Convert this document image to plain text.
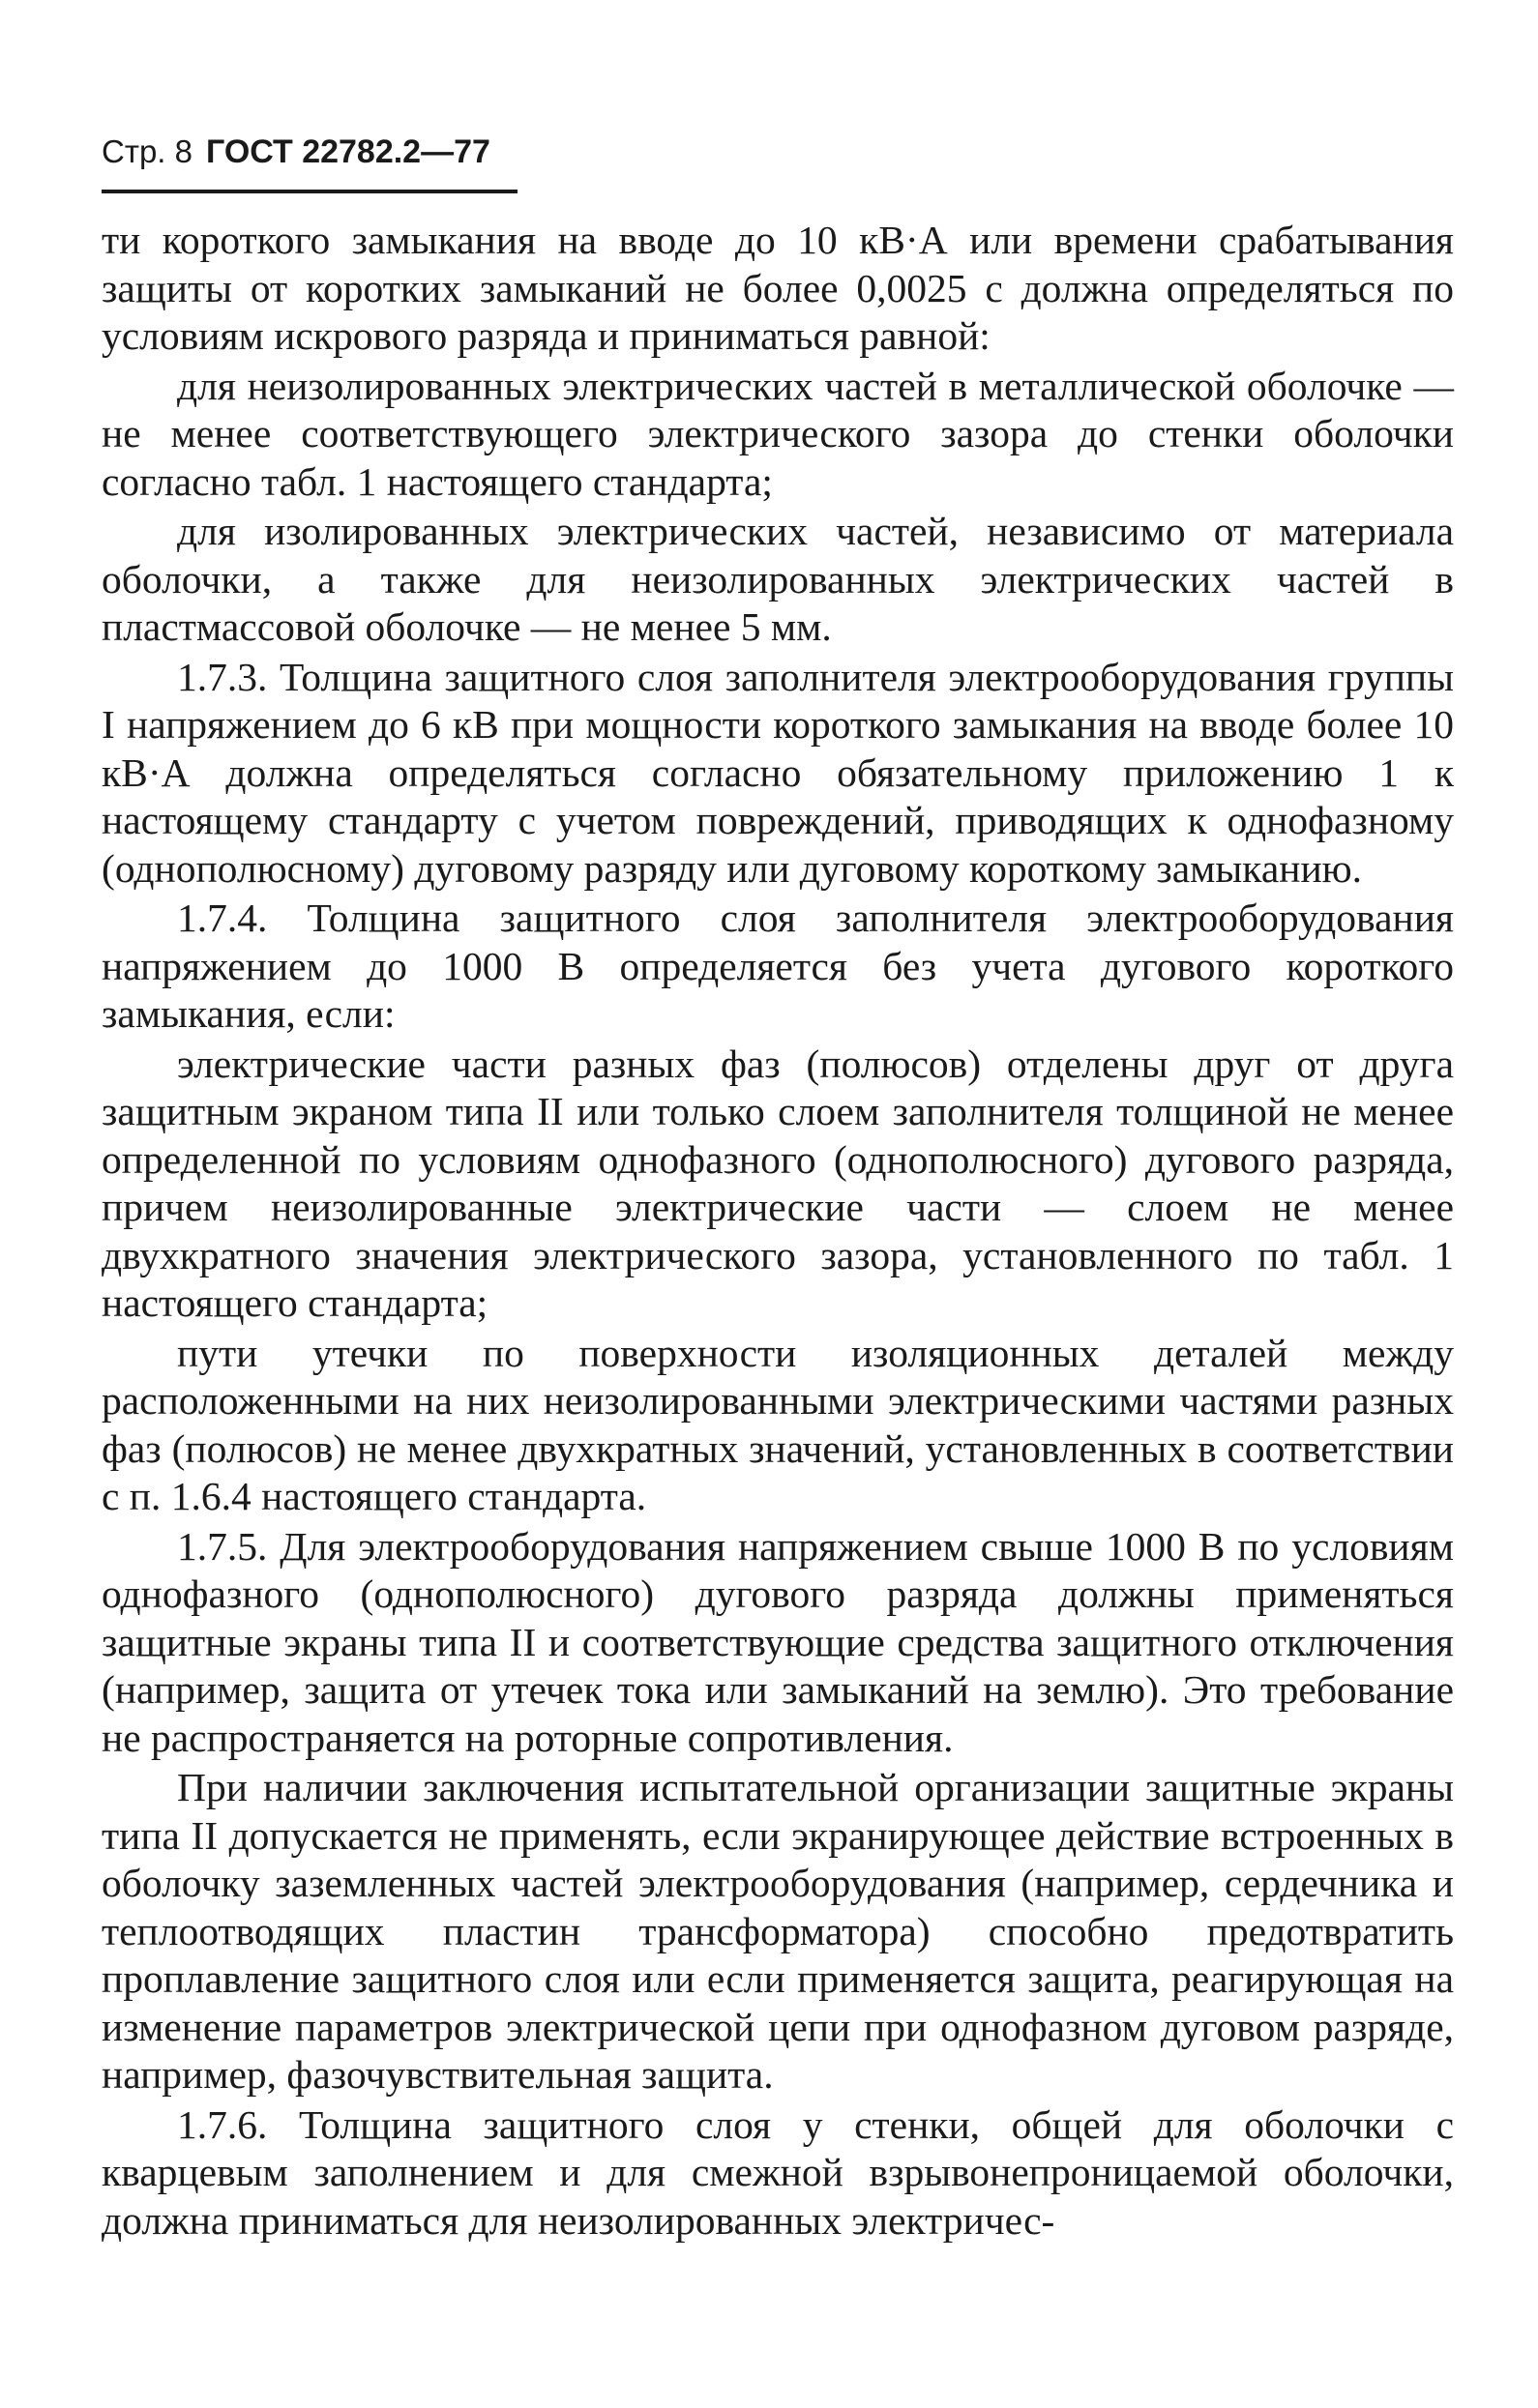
Стр. 8 ГОСТ 22782.2—77

ти короткого замыкания на вводе до 10 кВ·А или времени срабатывания защиты от коротких замыканий не более 0,0025 с должна определяться по условиям искрового разряда и приниматься равной:

для неизолированных электрических частей в металлической оболочке — не менее соответствующего электрического зазора до стенки оболочки согласно табл. 1 настоящего стандарта;

для изолированных электрических частей, независимо от материала оболочки, а также для неизолированных электрических частей в пластмассовой оболочке — не менее 5 мм.

1.7.3. Толщина защитного слоя заполнителя электрооборудования группы I напряжением до 6 кВ при мощности короткого замыкания на вводе более 10 кВ·А должна определяться согласно обязательному приложению 1 к настоящему стандарту с учетом повреждений, приводящих к однофазному (однополюсному) дуговому разряду или дуговому короткому замыканию.

1.7.4. Толщина защитного слоя заполнителя электрооборудования напряжением до 1000 В определяется без учета дугового короткого замыкания, если:

электрические части разных фаз (полюсов) отделены друг от друга защитным экраном типа II или только слоем заполнителя толщиной не менее определенной по условиям однофазного (однополюсного) дугового разряда, причем неизолированные электрические части — слоем не менее двухкратного значения электрического зазора, установленного по табл. 1 настоящего стандарта;

пути утечки по поверхности изоляционных деталей между расположенными на них неизолированными электрическими частями разных фаз (полюсов) не менее двухкратных значений, установленных в соответствии с п. 1.6.4 настоящего стандарта.

1.7.5. Для электрооборудования напряжением свыше 1000 В по условиям однофазного (однополюсного) дугового разряда должны применяться защитные экраны типа II и соответствующие средства защитного отключения (например, защита от утечек тока или замыканий на землю). Это требование не распространяется на роторные сопротивления.

При наличии заключения испытательной организации защитные экраны типа II допускается не применять, если экранирующее действие встроенных в оболочку заземленных частей электрооборудования (например, сердечника и теплоотводящих пластин трансформатора) способно предотвратить проплавление защитного слоя или если применяется защита, реагирующая на изменение параметров электрической цепи при однофазном дуговом разряде, например, фазочувствительная защита.

1.7.6. Толщина защитного слоя у стенки, общей для оболочки с кварцевым заполнением и для смежной взрывонепроницаемой оболочки, должна приниматься для неизолированных электричес-
